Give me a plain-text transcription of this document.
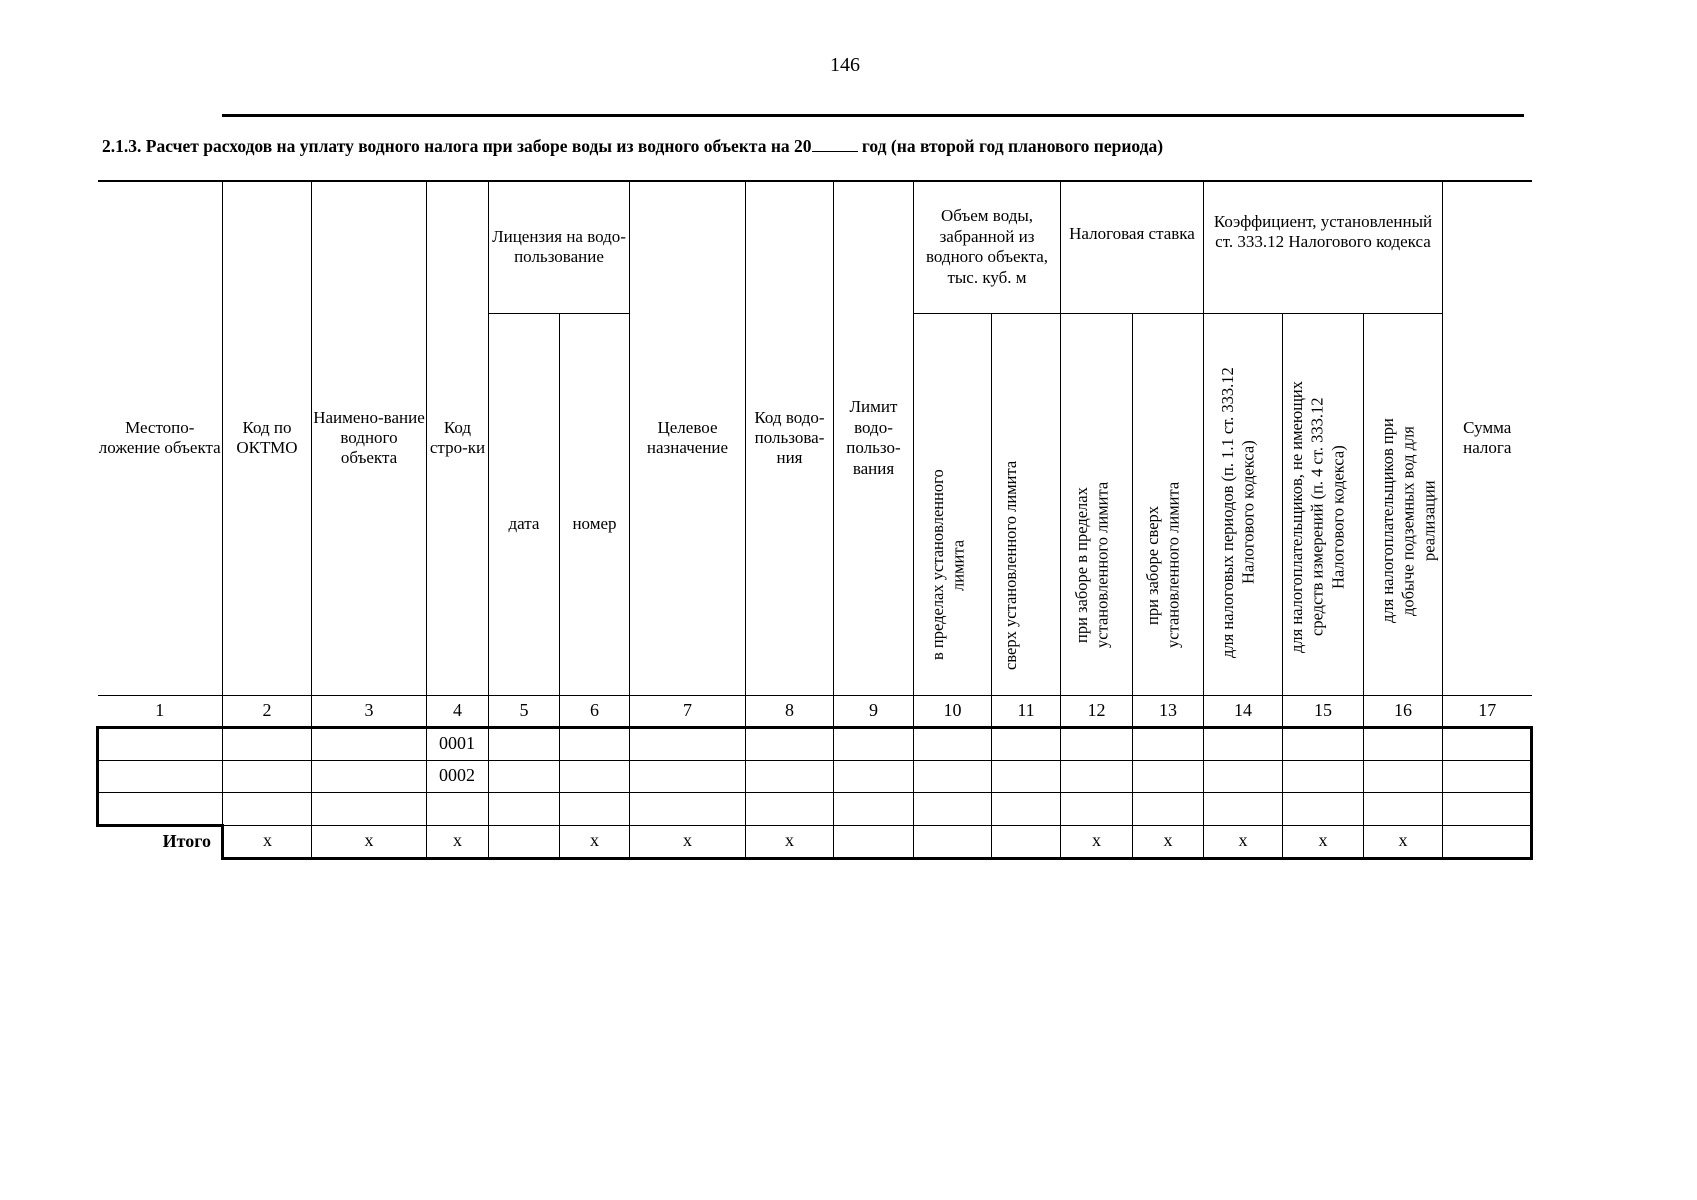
146
2.1.3. Расчет расходов на уплату водного налога при заборе воды из водного объекта на 20	год (на второй год планового периода)
Местопо-ложение объекта	Код по ОКТМО	Наимено-вание водного объекта	Код стро-ки	Лицензия на водо-пользование		Целевое назначение	Код водо-пользова-ния	Лимит водо-пользо-вания	Объем воды, забранной из водного объекта, тыс. куб. м		Налоговая ставка		Коэффициент, установленный ст. 333.12 Налогового кодекса			Сумма налога
				дата	номер				в пределах установленного лимита	сверх установленного лимита	при заборе в пределах установленного лимита	при заборе сверх установленного лимита	для налоговых периодов (п. 1.1 ст. 333.12 Налогового кодекса)	для налогоплательщиков, не имеющих средств измерений (п. 4 ст. 333.12 Налогового кодекса)	для налогоплательщиков при добыче подземных вод для реализации	
1	2	3	4	5	6	7	8	9	10	11	12	13	14	15	16	17
			0001													
			0002													

Итого	x	x	x		x	x	x				x	x	x	x	x	
